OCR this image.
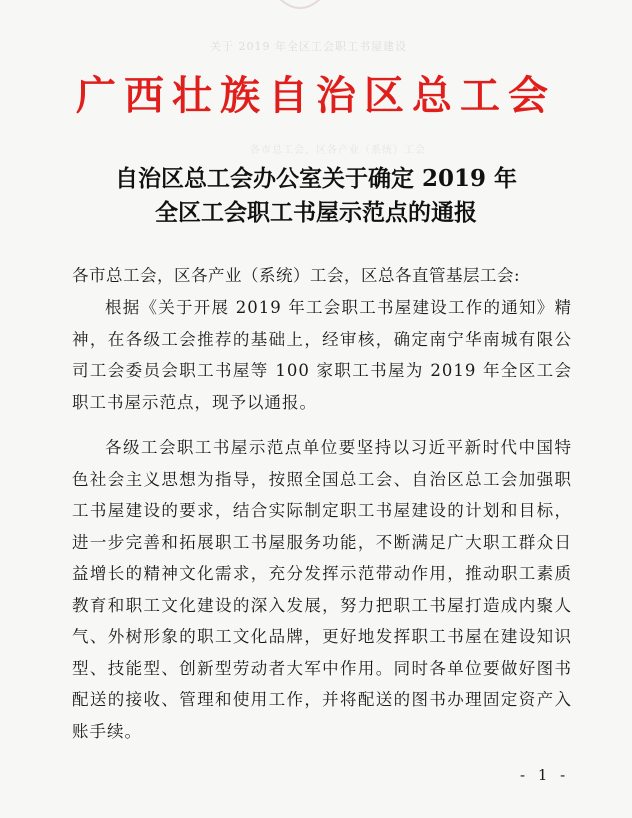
关于 2019 年全区工会职工书屋建设
各市总工会，区各产业（系统）工会
广西壮族自治区总工会
自治区总工会办公室关于确定 2019 年
全区工会职工书屋示范点的通报
各市总工会，区各产业（系统）工会，区总各直管基层工会:

根据《关于开展 2019 年工会职工书屋建设工作的通知》精神，在各级工会推荐的基础上，经审核，确定南宁华南城有限公司工会委员会职工书屋等 100 家职工书屋为 2019 年全区工会职工书屋示范点，现予以通报。

各级工会职工书屋示范点单位要坚持以习近平新时代中国特色社会主义思想为指导，按照全国总工会、自治区总工会加强职工书屋建设的要求，结合实际制定职工书屋建设的计划和目标，进一步完善和拓展职工书屋服务功能，不断满足广大职工群众日益增长的精神文化需求，充分发挥示范带动作用，推动职工素质教育和职工文化建设的深入发展，努力把职工书屋打造成内聚人气、外树形象的职工文化品牌，更好地发挥职工书屋在建设知识型、技能型、创新型劳动者大军中作用。同时各单位要做好图书配送的接收、管理和使用工作，并将配送的图书办理固定资产入账手续。

- 1 -
